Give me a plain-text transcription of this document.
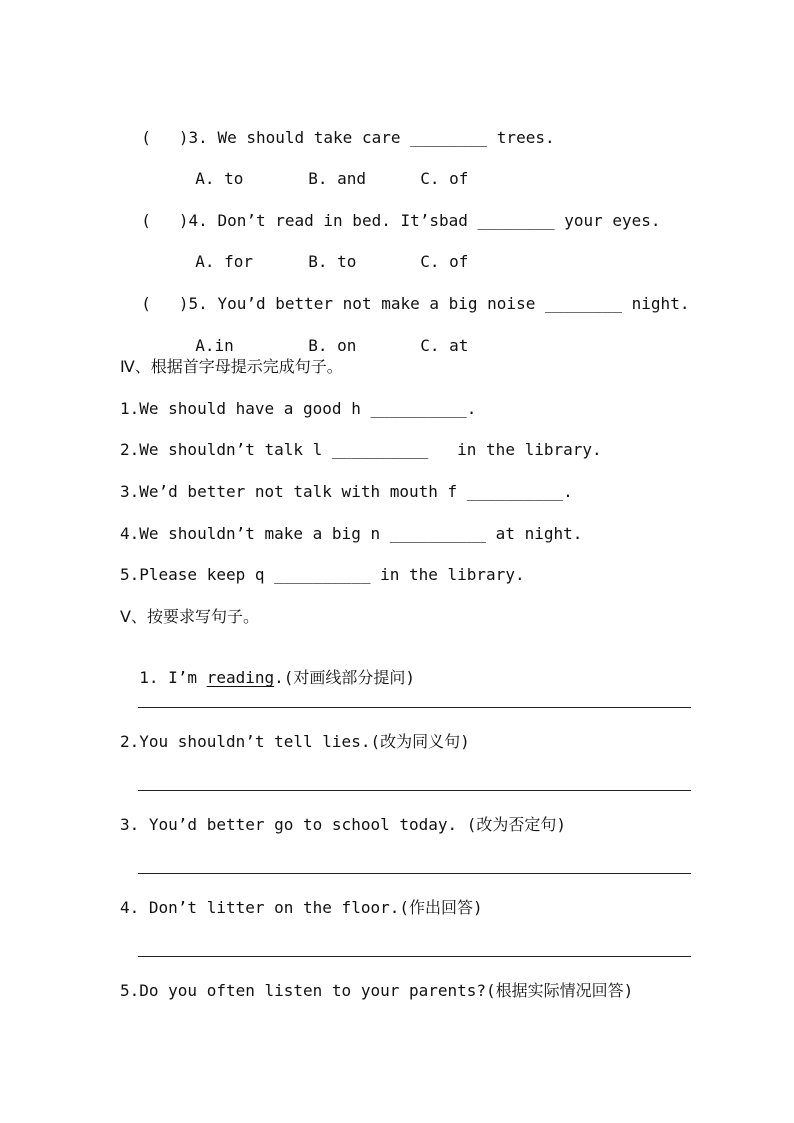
( )3. We should take care ________ trees.

A. to	B. and	C. of

( )4. Don’t read in bed. It’sbad ________ your eyes.

A. for	B. to	C. of

( )5. You’d better not make a big noise ________ night.

A.in	B. on	C. at

Ⅳ、根据首字母提示完成句子。
1.We should have a good h __________.
2.We shouldn’t talk l __________   in the library.
3.We’d better not talk with mouth f __________.
4.We shouldn’t make a big n __________ at night.
5.Please keep q __________ in the library.
Ⅴ、按要求写句子。

1. I’m reading.(对画线部分提问)

2.You shouldn’t tell lies.(改为同义句)
3. You’d better go to school today. (改为否定句)
4. Don’t litter on the floor.(作出回答)
5.Do you often listen to your parents?(根据实际情况回答)
